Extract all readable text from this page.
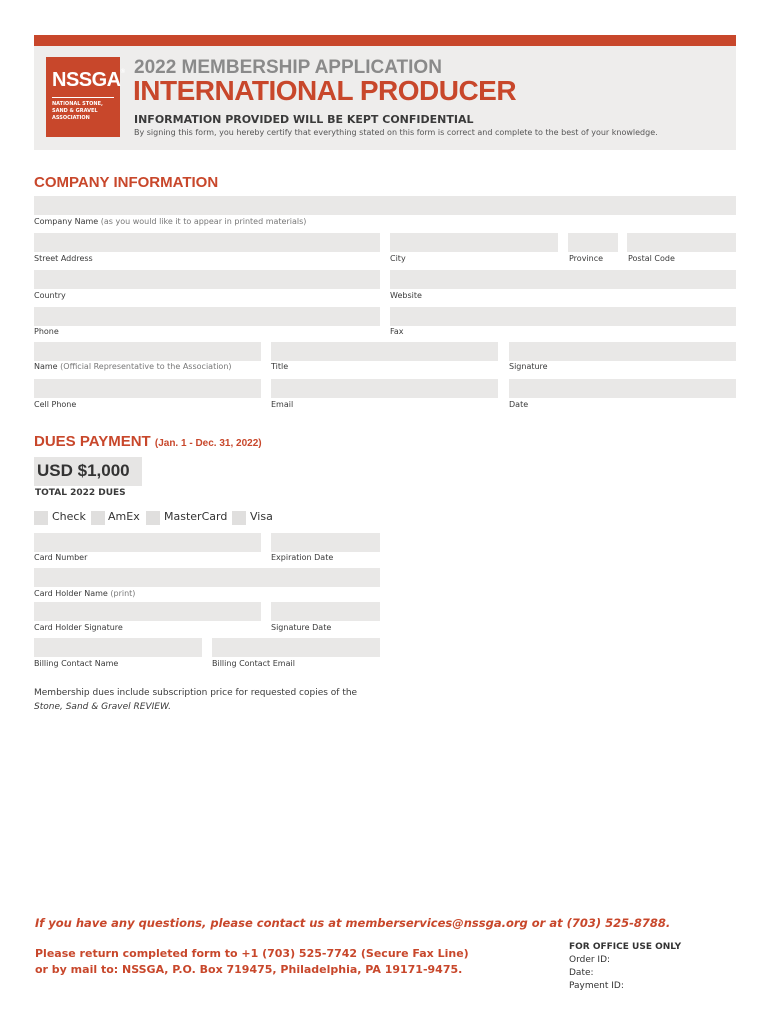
NSSGA®
NATIONAL STONE, SAND & GRAVEL ASSOCIATION
2022 MEMBERSHIP APPLICATION
INTERNATIONAL PRODUCER
INFORMATION PROVIDED WILL BE KEPT CONFIDENTIAL
By signing this form, you hereby certify that everything stated on this form is correct and complete to the best of your knowledge.
COMPANY INFORMATION
Company Name (as you would like it to appear in printed materials)
Street Address	City	Province	Postal Code
Country	Website
Phone	Fax
Name (Official Representative to the Association)	Title	Signature
Cell Phone	Email	Date
DUES PAYMENT (Jan. 1 - Dec. 31, 2022)
USD $1,000
TOTAL 2022 DUES
Check AmEx MasterCard Visa
Card Number	Expiration Date
Card Holder Name (print)
Card Holder Signature	Signature Date
Billing Contact Name	Billing Contact Email
Membership dues include subscription price for requested copies of the
Stone, Sand & Gravel REVIEW.
If you have any questions, please contact us at memberservices@nssga.org or at (703) 525-8788.
Please return completed form to +1 (703) 525-7742 (Secure Fax Line)
or by mail to: NSSGA, P.O. Box 719475, Philadelphia, PA 19171-9475.
FOR OFFICE USE ONLY
Order ID:
Date:
Payment ID:
